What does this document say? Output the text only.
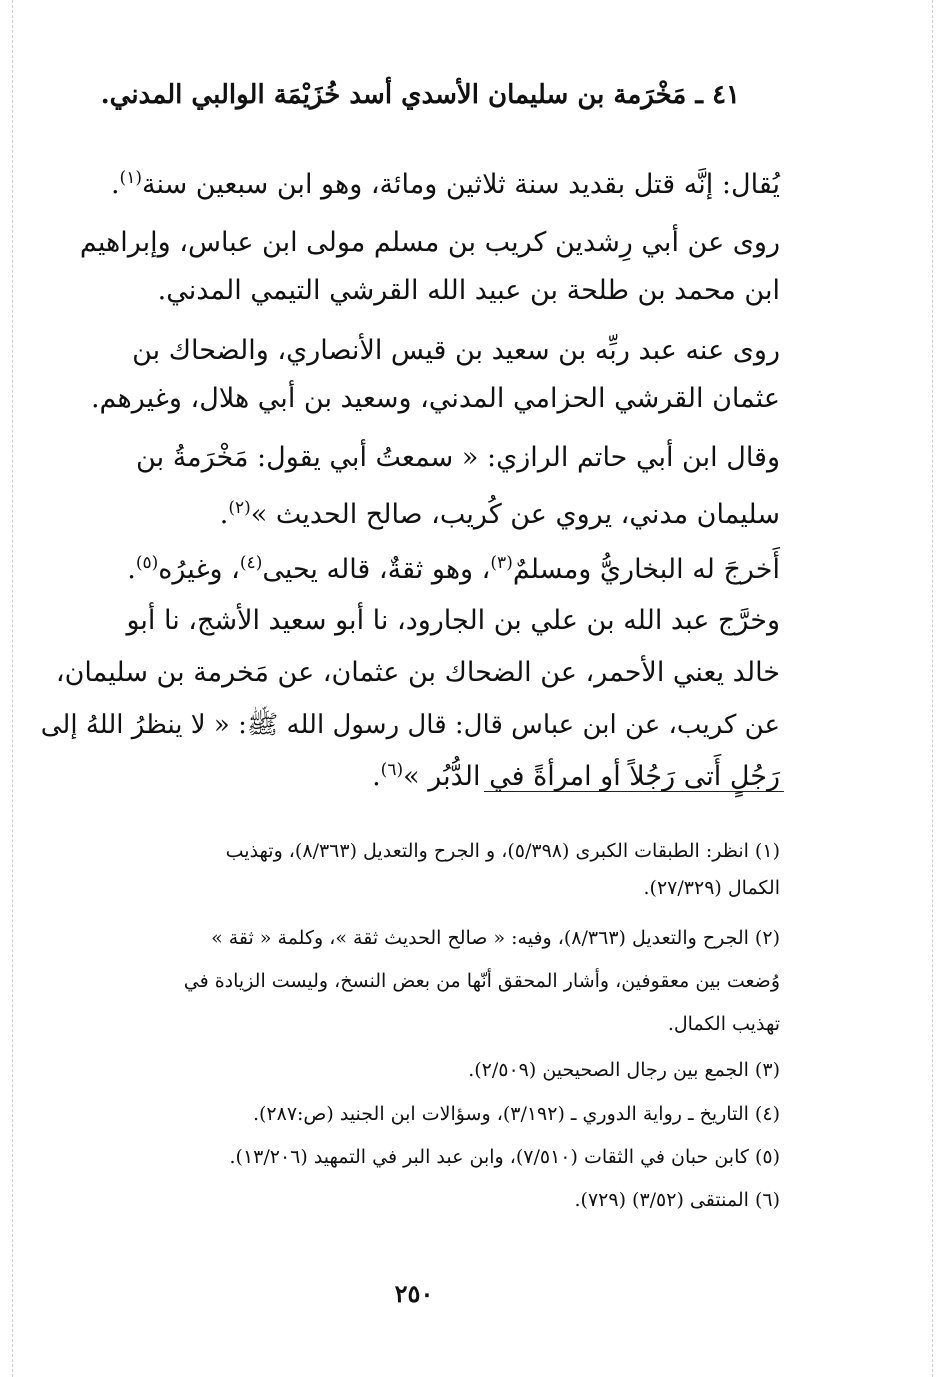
٤١ ـ مَخْرَمة بن سليمان الأسدي أسد خُزَيْمَة الوالبي المدني.
يُقال: إنَّه قتل بقديد سنة ثلاثين ومائة، وهو ابن سبعين سنة$^{(١)}$.
روى عن أبي رِشدين كريب بن مسلم مولى ابن عباس، وإبراهيم
ابن محمد بن طلحة بن عبيد الله القرشي التيمي المدني.
روى عنه عبد ربِّه بن سعيد بن قيس الأنصاري، والضحاك بن
عثمان القرشي الحزامي المدني، وسعيد بن أبي هلال، وغيرهم.
وقال ابن أبي حاتم الرازي: « سمعتُ أبي يقول: مَخْرَمةُ بن
سليمان مدني، يروي عن كُريب، صالح الحديث »$^{(٢)}$.
أَخرجَ له البخاريُّ ومسلمٌ$^{(٣)}$، وهو ثقةٌ، قاله يحيى$^{(٤)}$، وغيرُه$^{(٥)}$.
وخرَّج عبد الله بن علي بن الجارود، نا أبو سعيد الأشج، نا أبو
خالد يعني الأحمر، عن الضحاك بن عثمان، عن مَخرمة بن سليمان،
عن كريب، عن ابن عباس قال: قال رسول الله ﷺ: « لا ينظرُ اللهُ إلى
رَجُلٍ أَتى رَجُلاً أو امرأةً في الدُّبُر »$^{(٦)}$.
(١) انظر: الطبقات الكبرى (٥/٣٩٨)، و الجرح والتعديل (٨/٣٦٣)، وتهذيب
الكمال (٢٧/٣٢٩).
(٢) الجرح والتعديل (٨/٣٦٣)، وفيه: « صالح الحديث ثقة »، وكلمة « ثقة »
وُضعت بين معقوفين، وأشار المحقق أنّها من بعض النسخ، وليست الزيادة في
تهذيب الكمال.
(٣) الجمع بين رجال الصحيحين (٢/٥٠٩).
(٤) التاريخ ـ رواية الدوري ـ (٣/١٩٢)، وسؤالات ابن الجنيد (ص:٢٨٧).
(٥) كابن حبان في الثقات (٧/٥١٠)، وابن عبد البر في التمهيد (١٣/٢٠٦).
(٦) المنتقى (٣/٥٢) (٧٢٩).
٢٥٠
